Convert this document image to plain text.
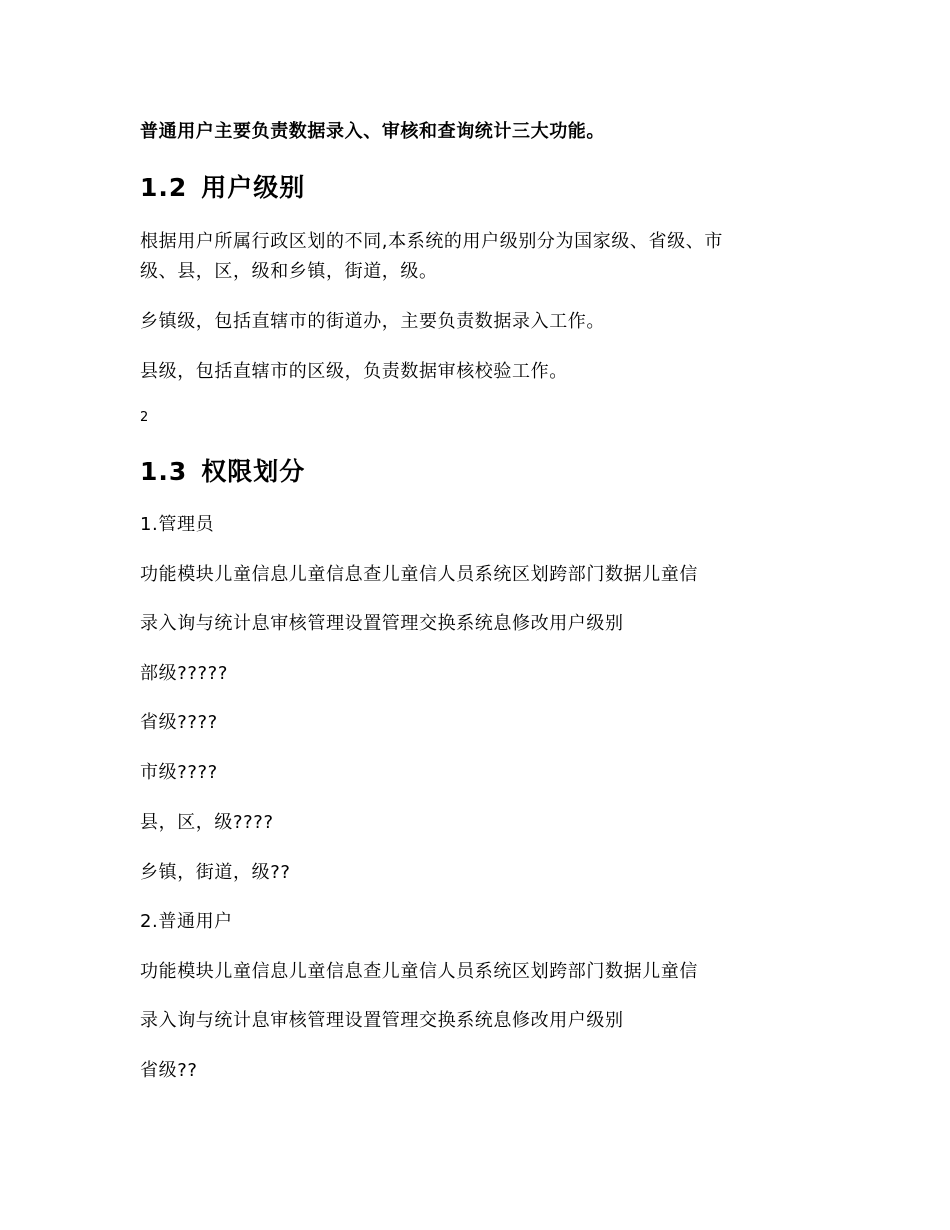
普通用户主要负责数据录入、审核和查询统计三大功能。
1.2 用户级别
根据用户所属行政区划的不同,本系统的用户级别分为国家级、省级、市
级、县，区，级和乡镇，街道，级。
乡镇级，包括直辖市的街道办，主要负责数据录入工作。
县级，包括直辖市的区级，负责数据审核校验工作。
2
1.3 权限划分
1.管理员
功能模块儿童信息儿童信息查儿童信人员系统区划跨部门数据儿童信
录入询与统计息审核管理设置管理交换系统息修改用户级别
部级?????
省级????
市级????
县，区，级????
乡镇，街道，级??
2.普通用户
功能模块儿童信息儿童信息查儿童信人员系统区划跨部门数据儿童信
录入询与统计息审核管理设置管理交换系统息修改用户级别
省级??
